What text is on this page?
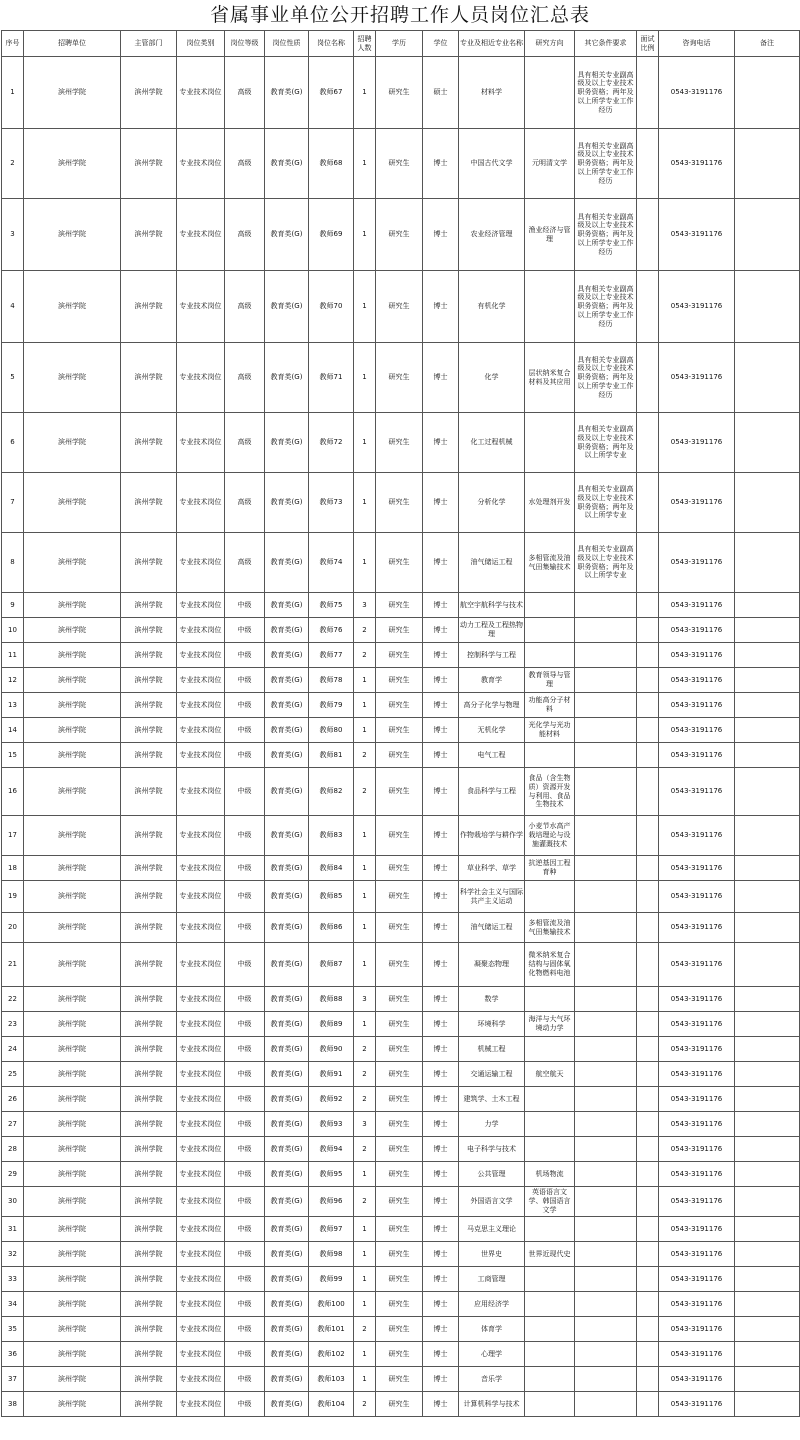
省属事业单位公开招聘工作人员岗位汇总表
序号	招聘单位	主管部门	岗位类别	岗位等级	岗位性质	岗位名称	招聘人数	学历	学位	专业及相近专业名称	研究方向	其它条件要求	面试比例	咨询电话	备注
1	滨州学院	滨州学院	专业技术岗位	高级	教育类(G)	教师67	1	研究生	硕士	材料学		具有相关专业副高级及以上专业技术职务资格；两年及以上所学专业工作经历		0543-3191176	
2	滨州学院	滨州学院	专业技术岗位	高级	教育类(G)	教师68	1	研究生	博士	中国古代文学	元明清文学	具有相关专业副高级及以上专业技术职务资格；两年及以上所学专业工作经历		0543-3191176	
3	滨州学院	滨州学院	专业技术岗位	高级	教育类(G)	教师69	1	研究生	博士	农业经济管理	渔业经济与管理	具有相关专业副高级及以上专业技术职务资格；两年及以上所学专业工作经历		0543-3191176	
4	滨州学院	滨州学院	专业技术岗位	高级	教育类(G)	教师70	1	研究生	博士	有机化学		具有相关专业副高级及以上专业技术职务资格；两年及以上所学专业工作经历		0543-3191176	
5	滨州学院	滨州学院	专业技术岗位	高级	教育类(G)	教师71	1	研究生	博士	化学	层状纳米复合材料及其应用	具有相关专业副高级及以上专业技术职务资格；两年及以上所学专业工作经历		0543-3191176	
6	滨州学院	滨州学院	专业技术岗位	高级	教育类(G)	教师72	1	研究生	博士	化工过程机械		具有相关专业副高级及以上专业技术职务资格；两年及以上所学专业		0543-3191176	
7	滨州学院	滨州学院	专业技术岗位	高级	教育类(G)	教师73	1	研究生	博士	分析化学	水处理剂开发	具有相关专业副高级及以上专业技术职务资格；两年及以上所学专业		0543-3191176	
8	滨州学院	滨州学院	专业技术岗位	高级	教育类(G)	教师74	1	研究生	博士	油气储运工程	多相管流及油气田集输技术	具有相关专业副高级及以上专业技术职务资格；两年及以上所学专业		0543-3191176	
9	滨州学院	滨州学院	专业技术岗位	中级	教育类(G)	教师75	3	研究生	博士	航空宇航科学与技术				0543-3191176	
10	滨州学院	滨州学院	专业技术岗位	中级	教育类(G)	教师76	2	研究生	博士	动力工程及工程热物理				0543-3191176	
11	滨州学院	滨州学院	专业技术岗位	中级	教育类(G)	教师77	2	研究生	博士	控制科学与工程				0543-3191176	
12	滨州学院	滨州学院	专业技术岗位	中级	教育类(G)	教师78	1	研究生	博士	教育学	教育领导与管理			0543-3191176	
13	滨州学院	滨州学院	专业技术岗位	中级	教育类(G)	教师79	1	研究生	博士	高分子化学与物理	功能高分子材料			0543-3191176	
14	滨州学院	滨州学院	专业技术岗位	中级	教育类(G)	教师80	1	研究生	博士	无机化学	光化学与光功能材料			0543-3191176	
15	滨州学院	滨州学院	专业技术岗位	中级	教育类(G)	教师81	2	研究生	博士	电气工程				0543-3191176	
16	滨州学院	滨州学院	专业技术岗位	中级	教育类(G)	教师82	2	研究生	博士	食品科学与工程	食品（含生物质）资源开发与利用、食品生物技术			0543-3191176	
17	滨州学院	滨州学院	专业技术岗位	中级	教育类(G)	教师83	1	研究生	博士	作物栽培学与耕作学	小麦节水高产栽培理论与设施灌溉技术			0543-3191176	
18	滨州学院	滨州学院	专业技术岗位	中级	教育类(G)	教师84	1	研究生	博士	草业科学、草学	抗逆基因工程育种			0543-3191176	
19	滨州学院	滨州学院	专业技术岗位	中级	教育类(G)	教师85	1	研究生	博士	科学社会主义与国际共产主义运动				0543-3191176	
20	滨州学院	滨州学院	专业技术岗位	中级	教育类(G)	教师86	1	研究生	博士	油气储运工程	多相管流及油气田集输技术			0543-3191176	
21	滨州学院	滨州学院	专业技术岗位	中级	教育类(G)	教师87	1	研究生	博士	凝聚态物理	微米纳米复合结构与固体氧化物燃料电池			0543-3191176	
22	滨州学院	滨州学院	专业技术岗位	中级	教育类(G)	教师88	3	研究生	博士	数学				0543-3191176	
23	滨州学院	滨州学院	专业技术岗位	中级	教育类(G)	教师89	1	研究生	博士	环境科学	海洋与大气环境动力学			0543-3191176	
24	滨州学院	滨州学院	专业技术岗位	中级	教育类(G)	教师90	2	研究生	博士	机械工程				0543-3191176	
25	滨州学院	滨州学院	专业技术岗位	中级	教育类(G)	教师91	2	研究生	博士	交通运输工程	航空航天			0543-3191176	
26	滨州学院	滨州学院	专业技术岗位	中级	教育类(G)	教师92	2	研究生	博士	建筑学、土木工程				0543-3191176	
27	滨州学院	滨州学院	专业技术岗位	中级	教育类(G)	教师93	3	研究生	博士	力学				0543-3191176	
28	滨州学院	滨州学院	专业技术岗位	中级	教育类(G)	教师94	2	研究生	博士	电子科学与技术				0543-3191176	
29	滨州学院	滨州学院	专业技术岗位	中级	教育类(G)	教师95	1	研究生	博士	公共管理	机场物流			0543-3191176	
30	滨州学院	滨州学院	专业技术岗位	中级	教育类(G)	教师96	2	研究生	博士	外国语言文学	英语语言文学、韩国语言文学			0543-3191176	
31	滨州学院	滨州学院	专业技术岗位	中级	教育类(G)	教师97	1	研究生	博士	马克思主义理论				0543-3191176	
32	滨州学院	滨州学院	专业技术岗位	中级	教育类(G)	教师98	1	研究生	博士	世界史	世界近现代史			0543-3191176	
33	滨州学院	滨州学院	专业技术岗位	中级	教育类(G)	教师99	1	研究生	博士	工商管理				0543-3191176	
34	滨州学院	滨州学院	专业技术岗位	中级	教育类(G)	教师100	1	研究生	博士	应用经济学				0543-3191176	
35	滨州学院	滨州学院	专业技术岗位	中级	教育类(G)	教师101	2	研究生	博士	体育学				0543-3191176	
36	滨州学院	滨州学院	专业技术岗位	中级	教育类(G)	教师102	1	研究生	博士	心理学				0543-3191176	
37	滨州学院	滨州学院	专业技术岗位	中级	教育类(G)	教师103	1	研究生	博士	音乐学				0543-3191176	
38	滨州学院	滨州学院	专业技术岗位	中级	教育类(G)	教师104	2	研究生	博士	计算机科学与技术				0543-3191176	
